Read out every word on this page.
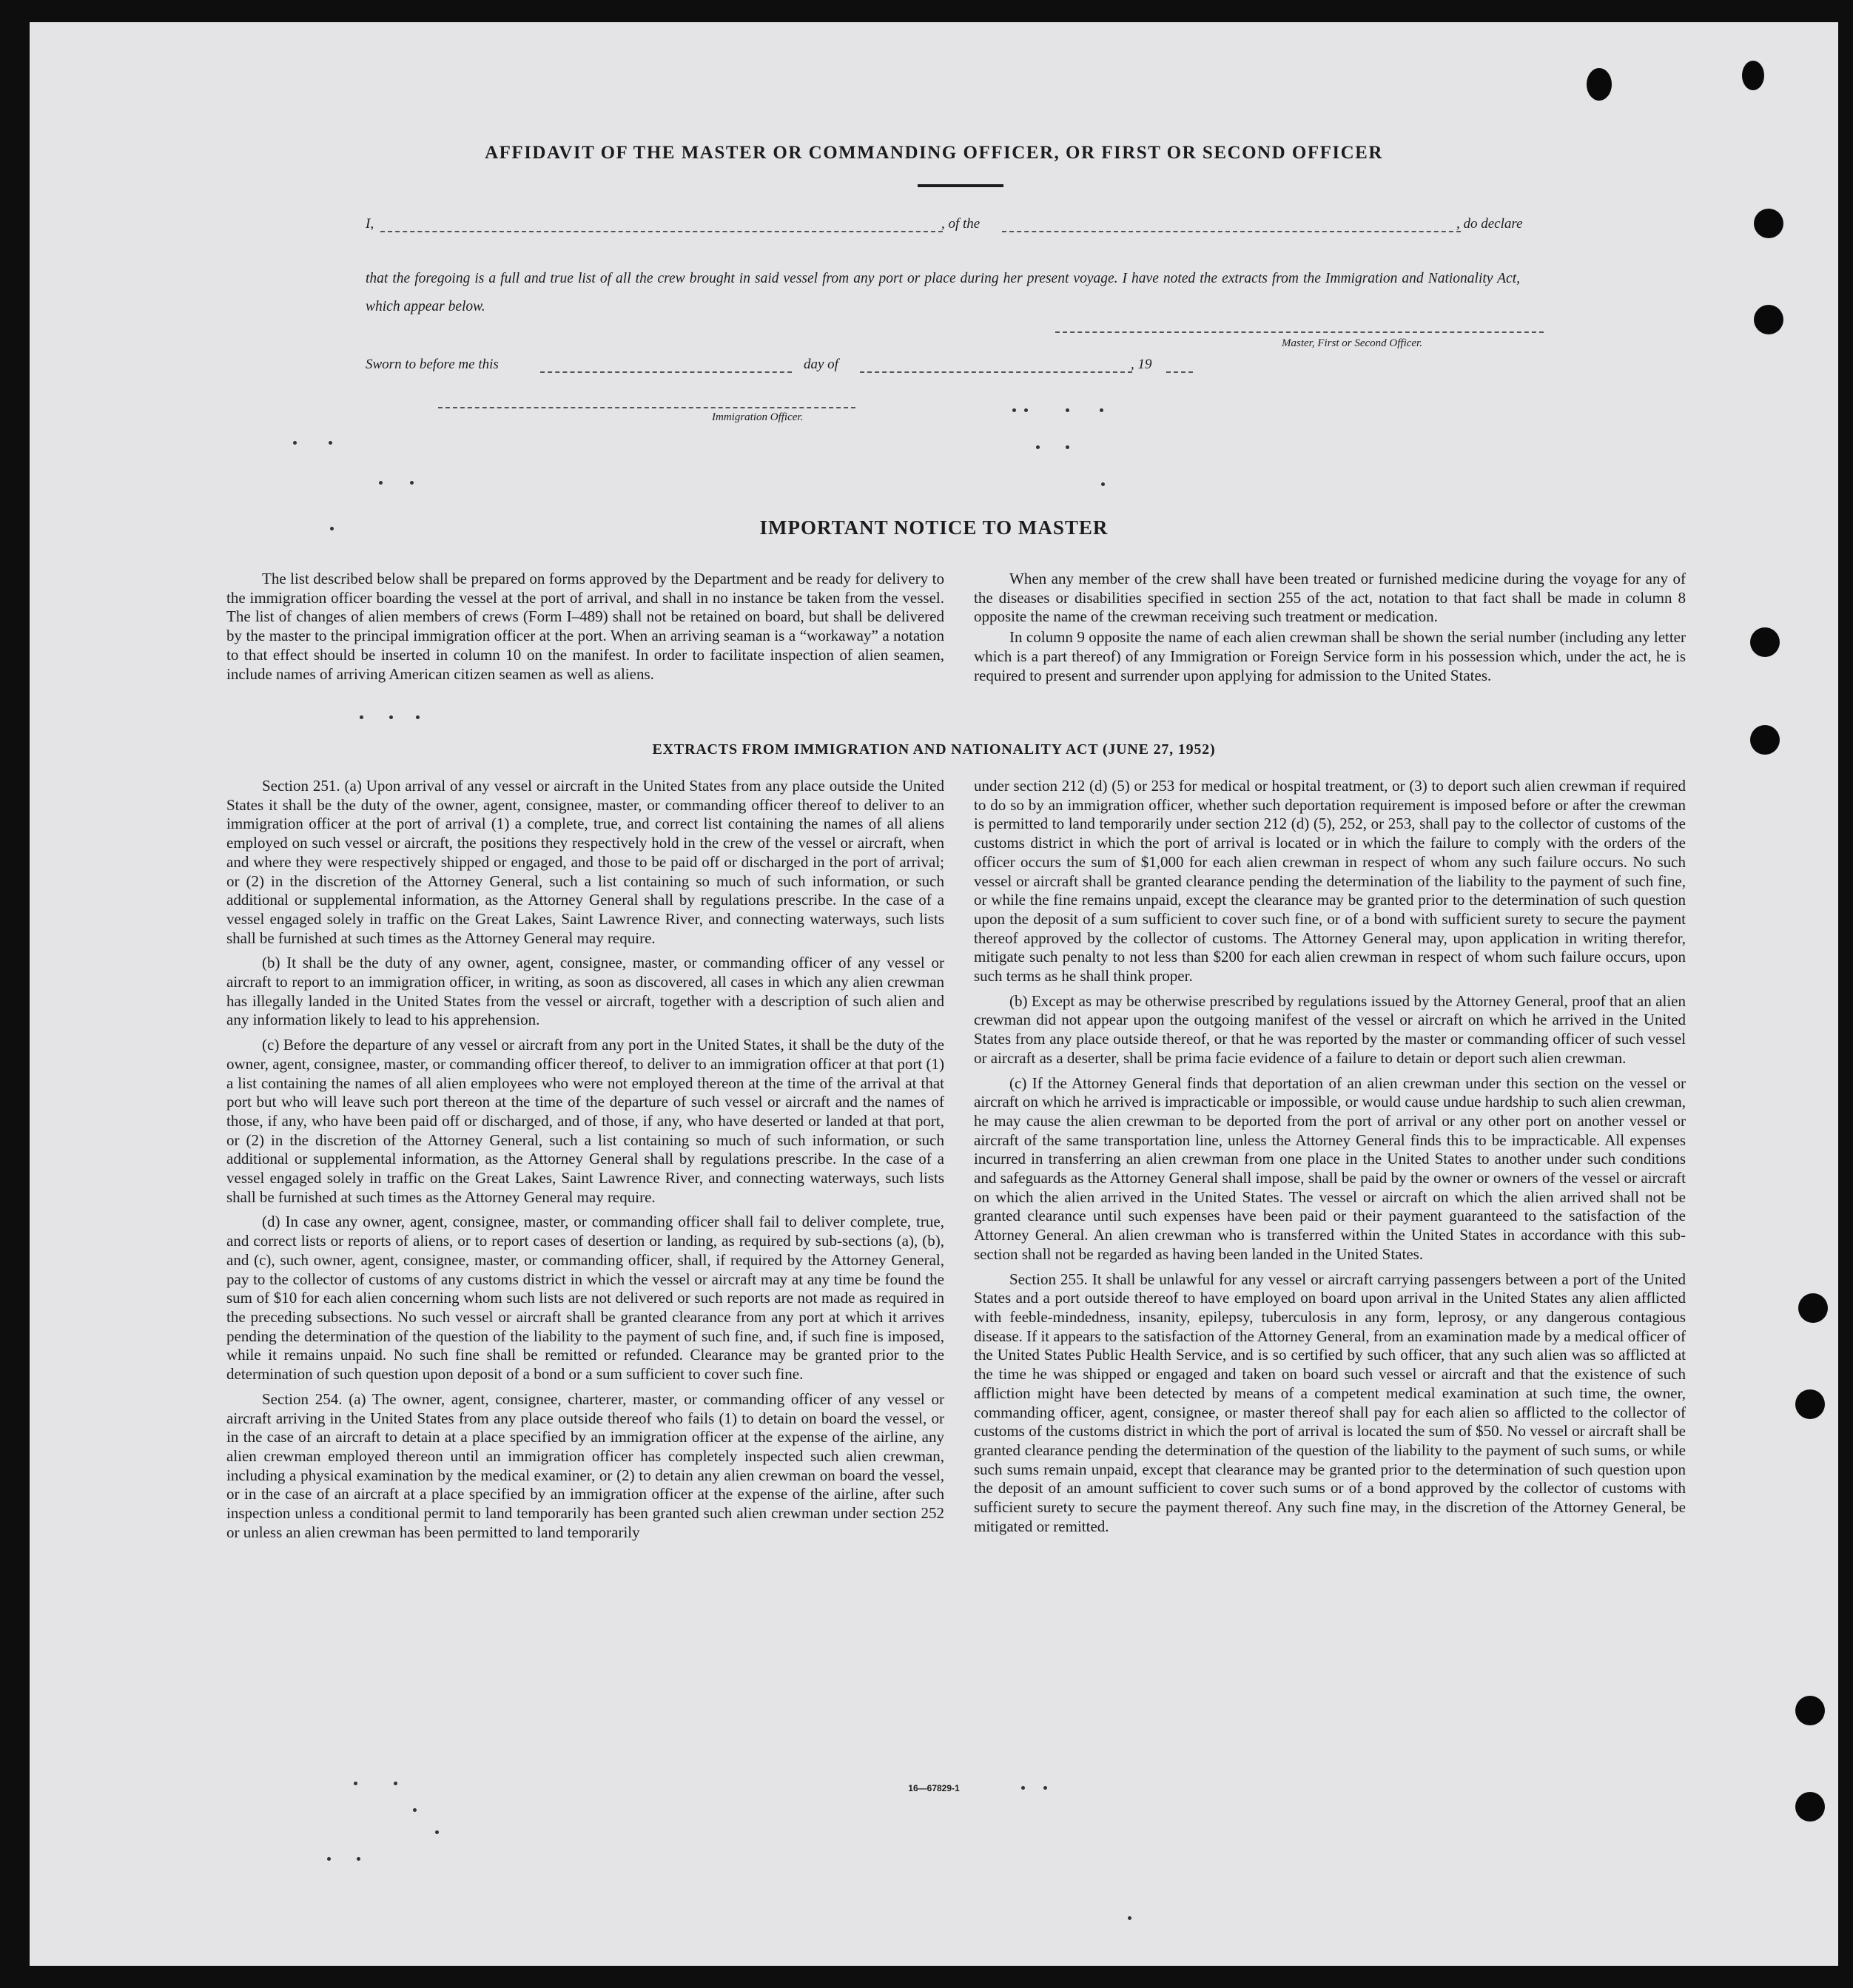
AFFIDAVIT OF THE MASTER OR COMMANDING OFFICER, OR FIRST OR SECOND OFFICER
I,	, of the	, do declare
that the foregoing is a full and true list of all the crew brought in said vessel from any port or place during her present voyage. I have noted the extracts from the Immigration and Nationality Act, which appear below.
Master, First or Second Officer.
Sworn to before me this	day of	, 19
Immigration Officer.
IMPORTANT NOTICE TO MASTER

The list described below shall be prepared on forms approved by the Department and be ready for delivery to the immigration officer boarding the vessel at the port of arrival, and shall in no instance be taken from the vessel. The list of changes of alien members of crews (Form I–489) shall not be retained on board, but shall be delivered by the master to the principal immigration officer at the port. When an arriving seaman is a “workaway” a notation to that effect should be inserted in column 10 on the manifest. In order to facilitate inspection of alien seamen, include names of arriving American citizen seamen as well as aliens.

When any member of the crew shall have been treated or furnished medicine during the voyage for any of the diseases or disabilities specified in section 255 of the act, notation to that fact shall be made in column 8 opposite the name of the crewman receiving such treatment or medication.

In column 9 opposite the name of each alien crewman shall be shown the serial number (including any letter which is a part thereof) of any Immigration or Foreign Service form in his possession which, under the act, he is required to present and surrender upon applying for admission to the United States.

EXTRACTS FROM IMMIGRATION AND NATIONALITY ACT (JUNE 27, 1952)

Section 251. (a) Upon arrival of any vessel or aircraft in the United States from any place outside the United States it shall be the duty of the owner, agent, consignee, master, or commanding officer thereof to deliver to an immigration officer at the port of arrival (1) a complete, true, and correct list containing the names of all aliens employed on such vessel or aircraft, the positions they respectively hold in the crew of the vessel or aircraft, when and where they were respectively shipped or engaged, and those to be paid off or discharged in the port of arrival; or (2) in the discretion of the Attorney General, such a list containing so much of such information, or such additional or supplemental information, as the Attorney General shall by regulations prescribe. In the case of a vessel engaged solely in traffic on the Great Lakes, Saint Lawrence River, and connecting waterways, such lists shall be furnished at such times as the Attorney General may require.

(b) It shall be the duty of any owner, agent, consignee, master, or commanding officer of any vessel or aircraft to report to an immigration officer, in writing, as soon as discovered, all cases in which any alien crewman has illegally landed in the United States from the vessel or aircraft, together with a description of such alien and any information likely to lead to his apprehension.

(c) Before the departure of any vessel or aircraft from any port in the United States, it shall be the duty of the owner, agent, consignee, master, or commanding officer thereof, to deliver to an immigration officer at that port (1) a list containing the names of all alien employees who were not employed thereon at the time of the arrival at that port but who will leave such port thereon at the time of the departure of such vessel or aircraft and the names of those, if any, who have been paid off or discharged, and of those, if any, who have deserted or landed at that port, or (2) in the discretion of the Attorney General, such a list containing so much of such information, or such additional or supplemental information, as the Attorney General shall by regulations prescribe. In the case of a vessel engaged solely in traffic on the Great Lakes, Saint Lawrence River, and connecting waterways, such lists shall be furnished at such times as the Attorney General may require.

(d) In case any owner, agent, consignee, master, or commanding officer shall fail to deliver complete, true, and correct lists or reports of aliens, or to report cases of desertion or landing, as required by sub-sections (a), (b), and (c), such owner, agent, consignee, master, or commanding officer, shall, if required by the Attorney General, pay to the collector of customs of any customs district in which the vessel or aircraft may at any time be found the sum of $10 for each alien concerning whom such lists are not delivered or such reports are not made as required in the preceding subsections. No such vessel or aircraft shall be granted clearance from any port at which it arrives pending the determination of the question of the liability to the payment of such fine, and, if such fine is imposed, while it remains unpaid. No such fine shall be remitted or refunded. Clearance may be granted prior to the determination of such question upon deposit of a bond or a sum sufficient to cover such fine.

Section 254. (a) The owner, agent, consignee, charterer, master, or commanding officer of any vessel or aircraft arriving in the United States from any place outside thereof who fails (1) to detain on board the vessel, or in the case of an aircraft to detain at a place specified by an immigration officer at the expense of the airline, any alien crewman employed thereon until an immigration officer has completely inspected such alien crewman, including a physical examination by the medical examiner, or (2) to detain any alien crewman on board the vessel, or in the case of an aircraft at a place specified by an immigration officer at the expense of the airline, after such inspection unless a conditional permit to land temporarily has been granted such alien crewman under section 252 or unless an alien crewman has been permitted to land temporarily

under section 212 (d) (5) or 253 for medical or hospital treatment, or (3) to deport such alien crewman if required to do so by an immigration officer, whether such deportation requirement is imposed before or after the crewman is permitted to land temporarily under section 212 (d) (5), 252, or 253, shall pay to the collector of customs of the customs district in which the port of arrival is located or in which the failure to comply with the orders of the officer occurs the sum of $1,000 for each alien crewman in respect of whom any such failure occurs. No such vessel or aircraft shall be granted clearance pending the determination of the liability to the payment of such fine, or while the fine remains unpaid, except the clearance may be granted prior to the determination of such question upon the deposit of a sum sufficient to cover such fine, or of a bond with sufficient surety to secure the payment thereof approved by the collector of customs. The Attorney General may, upon application in writing therefor, mitigate such penalty to not less than $200 for each alien crewman in respect of whom such failure occurs, upon such terms as he shall think proper.

(b) Except as may be otherwise prescribed by regulations issued by the Attorney General, proof that an alien crewman did not appear upon the outgoing manifest of the vessel or aircraft on which he arrived in the United States from any place outside thereof, or that he was reported by the master or commanding officer of such vessel or aircraft as a deserter, shall be prima facie evidence of a failure to detain or deport such alien crewman.

(c) If the Attorney General finds that deportation of an alien crewman under this section on the vessel or aircraft on which he arrived is impracticable or impossible, or would cause undue hardship to such alien crewman, he may cause the alien crewman to be deported from the port of arrival or any other port on another vessel or aircraft of the same transportation line, unless the Attorney General finds this to be impracticable. All expenses incurred in transferring an alien crewman from one place in the United States to another under such conditions and safeguards as the Attorney General shall impose, shall be paid by the owner or owners of the vessel or aircraft on which the alien arrived in the United States. The vessel or aircraft on which the alien arrived shall not be granted clearance until such expenses have been paid or their payment guaranteed to the satisfaction of the Attorney General. An alien crewman who is transferred within the United States in accordance with this sub-section shall not be regarded as having been landed in the United States.

Section 255. It shall be unlawful for any vessel or aircraft carrying passengers between a port of the United States and a port outside thereof to have employed on board upon arrival in the United States any alien afflicted with feeble-mindedness, insanity, epilepsy, tuberculosis in any form, leprosy, or any dangerous contagious disease. If it appears to the satisfaction of the Attorney General, from an examination made by a medical officer of the United States Public Health Service, and is so certified by such officer, that any such alien was so afflicted at the time he was shipped or engaged and taken on board such vessel or aircraft and that the existence of such affliction might have been detected by means of a competent medical examination at such time, the owner, commanding officer, agent, consignee, or master thereof shall pay for each alien so afflicted to the collector of customs of the customs district in which the port of arrival is located the sum of $50. No vessel or aircraft shall be granted clearance pending the determination of the question of the liability to the payment of such sums, or while such sums remain unpaid, except that clearance may be granted prior to the determination of such question upon the deposit of an amount sufficient to cover such sums or of a bond approved by the collector of customs with sufficient surety to secure the payment thereof. Any such fine may, in the discretion of the Attorney General, be mitigated or remitted.

16—67829-1
